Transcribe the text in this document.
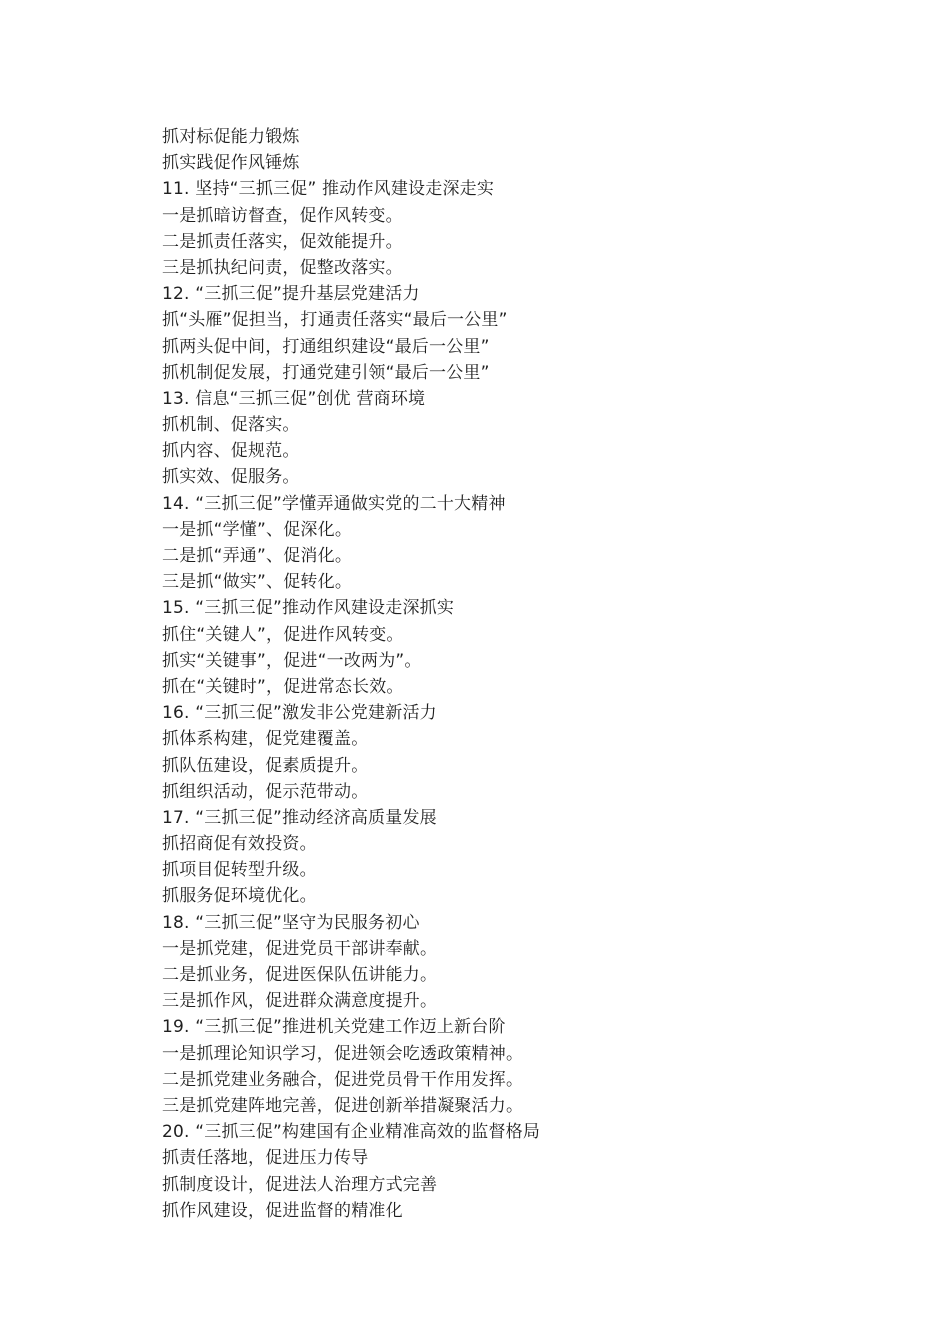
抓对标促能力锻炼
抓实践促作风锤炼
11. 坚持“三抓三促” 推动作风建设走深走实
一是抓暗访督查，促作风转变。
二是抓责任落实，促效能提升。
三是抓执纪问责，促整改落实。
12. “三抓三促”提升基层党建活力
抓“头雁”促担当，打通责任落实“最后一公里”
抓两头促中间，打通组织建设“最后一公里”
抓机制促发展，打通党建引领“最后一公里”
13. 信息“三抓三促”创优 营商环境
抓机制、促落实。
抓内容、促规范。
抓实效、促服务。
14. “三抓三促”学懂弄通做实党的二十大精神
一是抓“学懂”、促深化。
二是抓“弄通”、促消化。
三是抓“做实”、促转化。
15. “三抓三促”推动作风建设走深抓实
抓住“关键人”，促进作风转变。
抓实“关键事”，促进“一改两为”。
抓在“关键时”，促进常态长效。
16. “三抓三促”激发非公党建新活力
抓体系构建，促党建覆盖。
抓队伍建设，促素质提升。
抓组织活动，促示范带动。
17. “三抓三促”推动经济高质量发展
抓招商促有效投资。
抓项目促转型升级。
抓服务促环境优化。
18. “三抓三促”坚守为民服务初心
一是抓党建，促进党员干部讲奉献。
二是抓业务，促进医保队伍讲能力。
三是抓作风，促进群众满意度提升。
19. “三抓三促”推进机关党建工作迈上新台阶
一是抓理论知识学习，促进领会吃透政策精神。
二是抓党建业务融合，促进党员骨干作用发挥。
三是抓党建阵地完善，促进创新举措凝聚活力。
20. “三抓三促”构建国有企业精准高效的监督格局
抓责任落地，促进压力传导
抓制度设计，促进法人治理方式完善
抓作风建设，促进监督的精准化
